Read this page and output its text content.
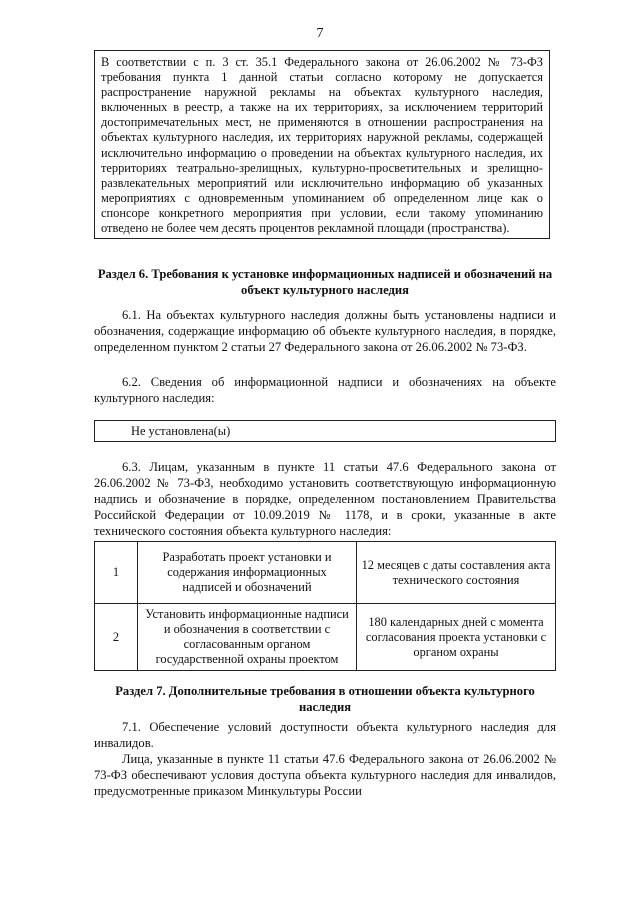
7
В соответствии с п. 3 ст. 35.1 Федерального закона от 26.06.2002 № 73-ФЗ требования пункта 1 данной статьи согласно которому не допускается распространение наружной рекламы на объектах культурного наследия, включенных в реестр, а также на их территориях, за исключением территорий достопримечательных мест, не применяются в отношении распространения на объектах культурного наследия, их территориях наружной рекламы, содержащей исключительно информацию о проведении на объектах культурного наследия, их территориях театрально-зрелищных, культурно-просветительных и зрелищно-развлекательных мероприятий или исключительно информацию об указанных мероприятиях с одновременным упоминанием об определенном лице как о спонсоре конкретного мероприятия при условии, если такому упоминанию отведено не более чем десять процентов рекламной площади (пространства).
Раздел 6. Требования к установке информационных надписей и обозначений на объект культурного наследия
6.1. На объектах культурного наследия должны быть установлены надписи и обозначения, содержащие информацию об объекте культурного наследия, в порядке, определенном пунктом 2 статьи 27 Федерального закона от 26.06.2002 № 73-ФЗ.
6.2. Сведения об информационной надписи и обозначениях на объекте культурного наследия:
Не установлена(ы)
6.3. Лицам, указанным в пункте 11 статьи 47.6 Федерального закона от 26.06.2002 № 73-ФЗ, необходимо установить соответствующую информационную надпись и обозначение в порядке, определенном постановлением Правительства Российской Федерации от 10.09.2019 № 1178, и в сроки, указанные в акте технического состояния объекта культурного наследия:
1	Разработать проект установки и содержания информационных надписей и обозначений	12 месяцев с даты составления акта технического состояния
2	Установить информационные надписи и обозначения в соответствии с согласованным органом государственной охраны проектом	180 календарных дней с момента согласования проекта установки с органом охраны
Раздел 7. Дополнительные требования в отношении объекта культурного наследия
7.1. Обеспечение условий доступности объекта культурного наследия для инвалидов.
Лица, указанные в пункте 11 статьи 47.6 Федерального закона от 26.06.2002 № 73-ФЗ обеспечивают условия доступа объекта культурного наследия для инвалидов, предусмотренные приказом Минкультуры России
